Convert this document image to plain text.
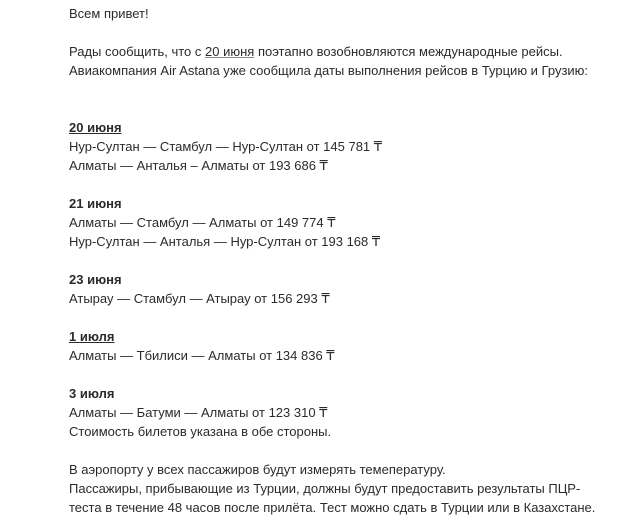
Всем привет!
Рады сообщить, что с 20 июня поэтапно возобновляются международные рейсы.
Авиакомпания Air Astana уже сообщила даты выполнения рейсов в Турцию и Грузию:
20 июня
Нур-Султан — Стамбул — Нур-Султан от 145 781 ₸
Алматы — Анталья – Алматы от 193 686 ₸
21 июня
Алматы — Стамбул — Алматы от 149 774 ₸
Нур-Султан — Анталья — Нур-Султан от 193 168 ₸
23 июня
Атырау — Стамбул — Атырау от 156 293 ₸
1 июля
Алматы — Тбилиси — Алматы от 134 836 ₸
3 июля
Алматы — Батуми — Алматы от 123 310 ₸
Стоимость билетов указана в обе стороны.
В аэропорту у всех пассажиров будут измерять темепературу.
Пассажиры, прибывающие из Турции, должны будут предоставить результаты ПЦР-
теста в течение 48 часов после прилёта. Тест можно сдать в Турции или в Казахстане.
